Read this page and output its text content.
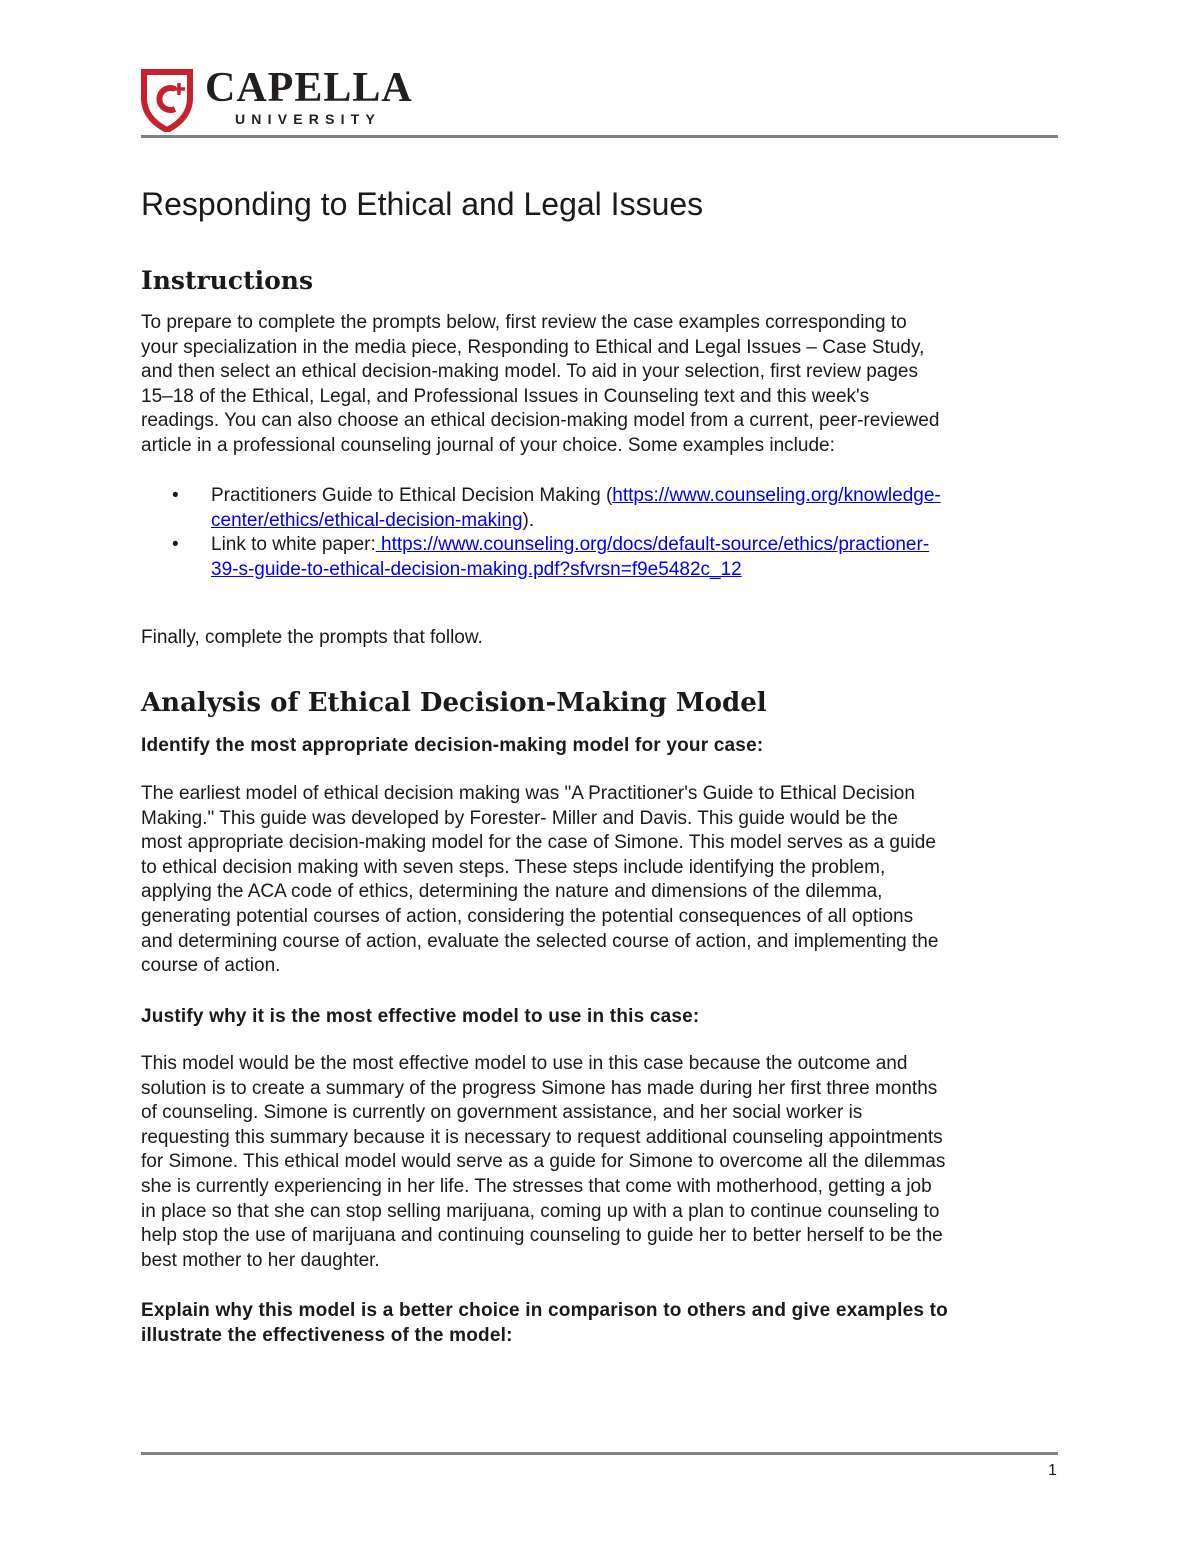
CAPELLA
UNIVERSITY
Responding to Ethical and Legal Issues
Instructions

To prepare to complete the prompts below, first review the case examples corresponding to
your specialization in the media piece, Responding to Ethical and Legal Issues – Case Study,
and then select an ethical decision-making model. To aid in your selection, first review pages
15–18 of the Ethical, Legal, and Professional Issues in Counseling text and this week's
readings. You can also choose an ethical decision-making model from a current, peer-reviewed
article in a professional counseling journal of your choice. Some examples include:

• Practitioners Guide to Ethical Decision Making (https://www.counseling.org/knowledge-
center/ethics/ethical-decision-making).
• Link to white paper: https://www.counseling.org/docs/default-source/ethics/practioner-
39-s-guide-to-ethical-decision-making.pdf?sfvrsn=f9e5482c_12

Finally, complete the prompts that follow.

Analysis of Ethical Decision-Making Model

Identify the most appropriate decision-making model for your case:

The earliest model of ethical decision making was "A Practitioner's Guide to Ethical Decision
Making." This guide was developed by Forester- Miller and Davis. This guide would be the
most appropriate decision-making model for the case of Simone. This model serves as a guide
to ethical decision making with seven steps. These steps include identifying the problem,
applying the ACA code of ethics, determining the nature and dimensions of the dilemma,
generating potential courses of action, considering the potential consequences of all options
and determining course of action, evaluate the selected course of action, and implementing the
course of action.

Justify why it is the most effective model to use in this case:

This model would be the most effective model to use in this case because the outcome and
solution is to create a summary of the progress Simone has made during her first three months
of counseling. Simone is currently on government assistance, and her social worker is
requesting this summary because it is necessary to request additional counseling appointments
for Simone. This ethical model would serve as a guide for Simone to overcome all the dilemmas
she is currently experiencing in her life. The stresses that come with motherhood, getting a job
in place so that she can stop selling marijuana, coming up with a plan to continue counseling to
help stop the use of marijuana and continuing counseling to guide her to better herself to be the
best mother to her daughter.

Explain why this model is a better choice in comparison to others and give examples to
illustrate the effectiveness of the model:

1
